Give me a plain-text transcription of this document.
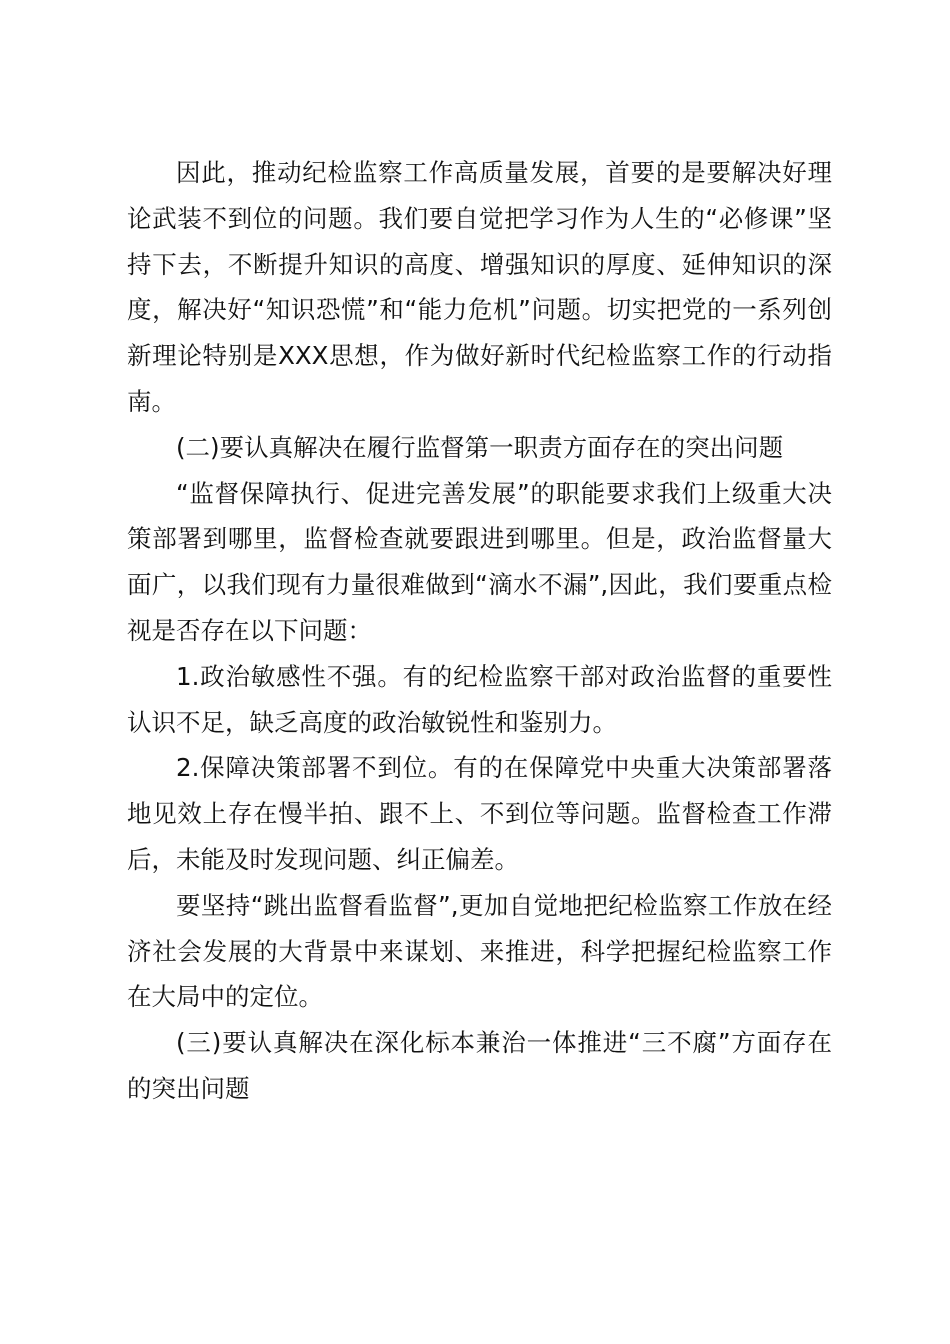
因此，推动纪检监察工作高质量发展，首要的是要解决好理论武装不到位的问题。我们要自觉把学习作为人生的“必修课”坚持下去，不断提升知识的高度、增强知识的厚度、延伸知识的深度，解决好“知识恐慌”和“能力危机”问题。切实把党的一系列创新理论特别是XXX思想，作为做好新时代纪检监察工作的行动指南。

(二)要认真解决在履行监督第一职责方面存在的突出问题

“监督保障执行、促进完善发展”的职能要求我们上级重大决策部署到哪里，监督检查就要跟进到哪里。但是，政治监督量大面广，以我们现有力量很难做到“滴水不漏”,因此，我们要重点检视是否存在以下问题：

1.政治敏感性不强。有的纪检监察干部对政治监督的重要性认识不足，缺乏高度的政治敏锐性和鉴别力。

2.保障决策部署不到位。有的在保障党中央重大决策部署落地见效上存在慢半拍、跟不上、不到位等问题。监督检查工作滞后，未能及时发现问题、纠正偏差。

要坚持“跳出监督看监督”,更加自觉地把纪检监察工作放在经济社会发展的大背景中来谋划、来推进，科学把握纪检监察工作在大局中的定位。

(三)要认真解决在深化标本兼治一体推进“三不腐”方面存在的突出问题
